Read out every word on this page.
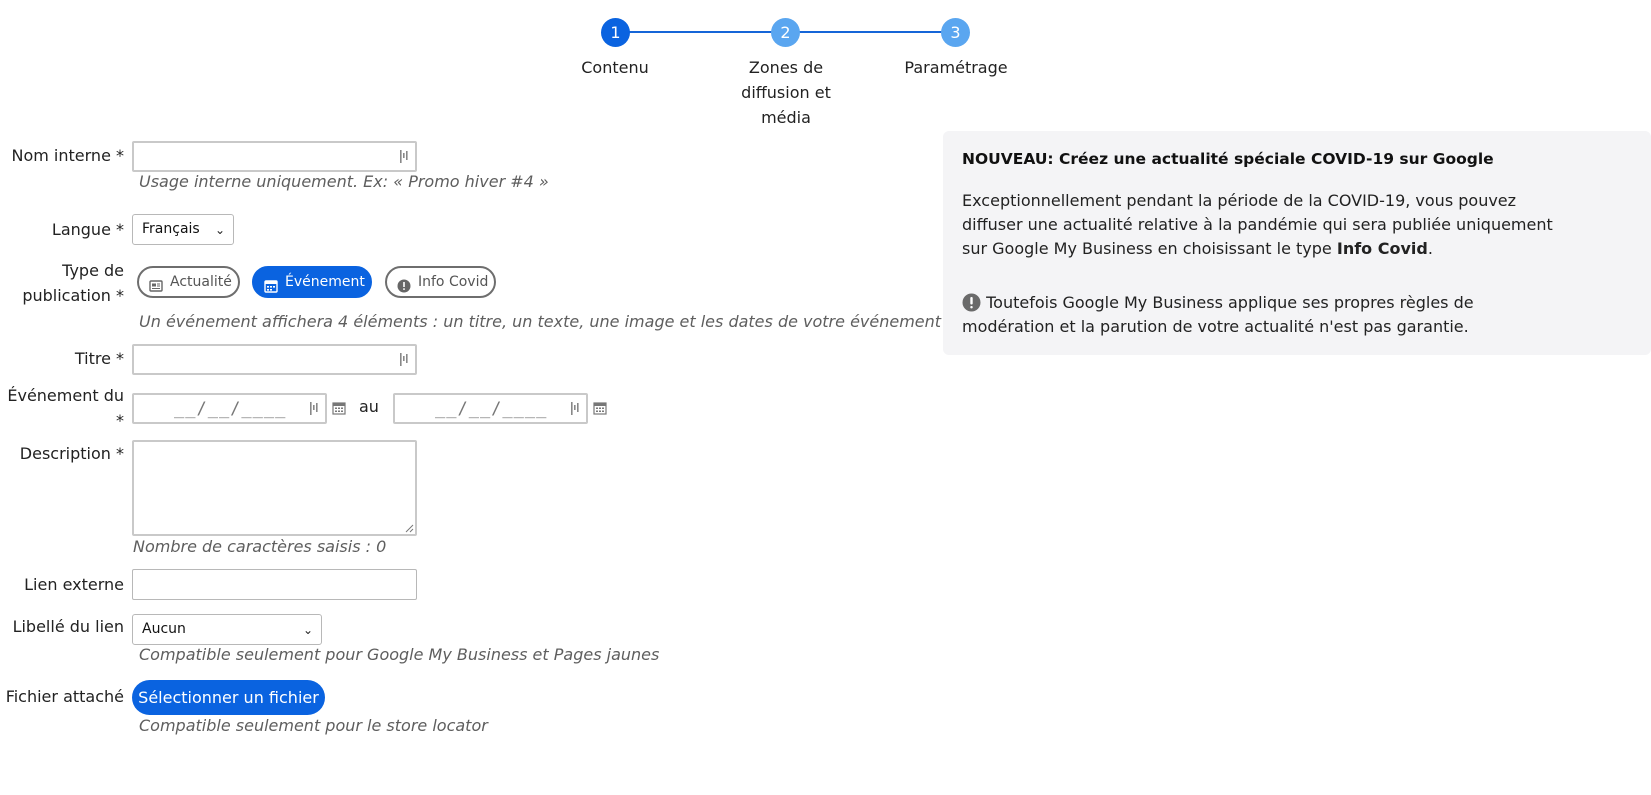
1
Contenu
2
Zones de diffusion et média
3
Paramétrage
Nom interne *
Usage interne uniquement. Ex: « Promo hiver #4 »
Langue *	Français ⌄
Type de publication *
Actualité	Événement	Info Covid
Un événement affichera 4 éléments : un titre, un texte, une image et les dates de votre événement
Titre *
Événement du *
__/__/____	au	__/__/____
Description *
Nombre de caractères saisis : 0
Lien externe
Libellé du lien	Aucun	⌄
Compatible seulement pour Google My Business et Pages jaunes
Fichier attaché Sélectionner un fichier
Compatible seulement pour le store locator
NOUVEAU: Créez une actualité spéciale COVID-19 sur Google
Exceptionnellement pendant la période de la COVID-19, vous pouvez diffuser une actualité relative à la pandémie qui sera publiée uniquement sur Google My Business en choisissant le type Info Covid.
Toutefois Google My Business applique ses propres règles de modération et la parution de votre actualité n'est pas garantie.
